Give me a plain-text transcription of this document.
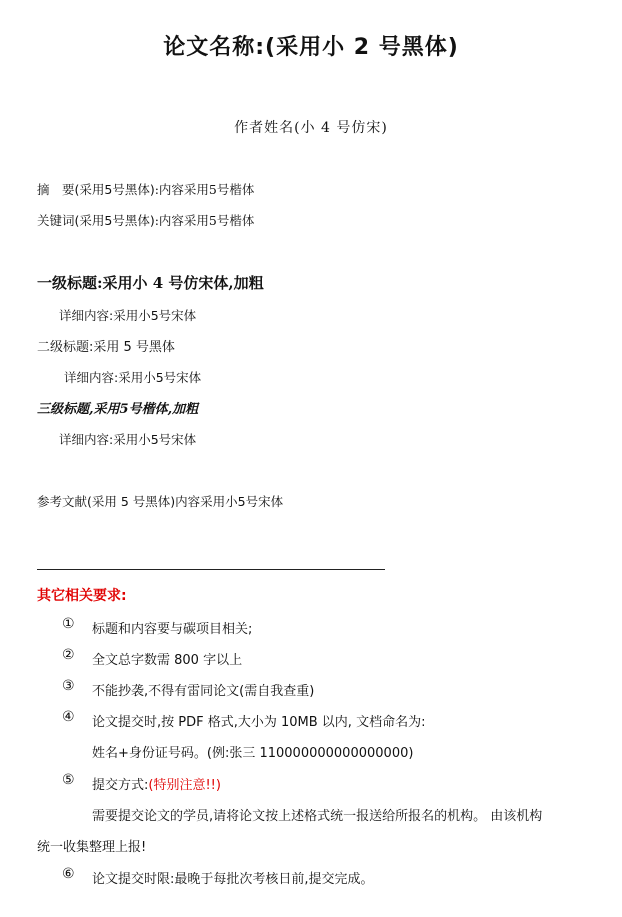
论文名称:(采用小 2 号黑体)
作者姓名(小 4 号仿宋)
摘　要(采用5号黑体):内容采用5号楷体
关键词(采用5号黑体):内容采用5号楷体
一级标题:采用小 4 号仿宋体,加粗
详细内容:采用小5号宋体
二级标题:采用 5 号黑体
详细内容:采用小5号宋体
三级标题,采用5号楷体,加粗
详细内容:采用小5号宋体
参考文献(采用 5 号黑体)内容采用小5号宋体
其它相关要求:
① 标题和内容要与碳项目相关;
② 全文总字数需 800 字以上
③ 不能抄袭,不得有雷同论文(需自我查重)
④ 论文提交时,按 PDF 格式,大小为 10MB 以内, 文档命名为:
姓名+身份证号码。(例:张三 110000000000000000)
⑤ 提交方式:(特别注意!!)
需要提交论文的学员,请将论文按上述格式统一报送给所报名的机构。 由该机构
统一收集整理上报!
⑥ 论文提交时限:最晚于每批次考核日前,提交完成。
